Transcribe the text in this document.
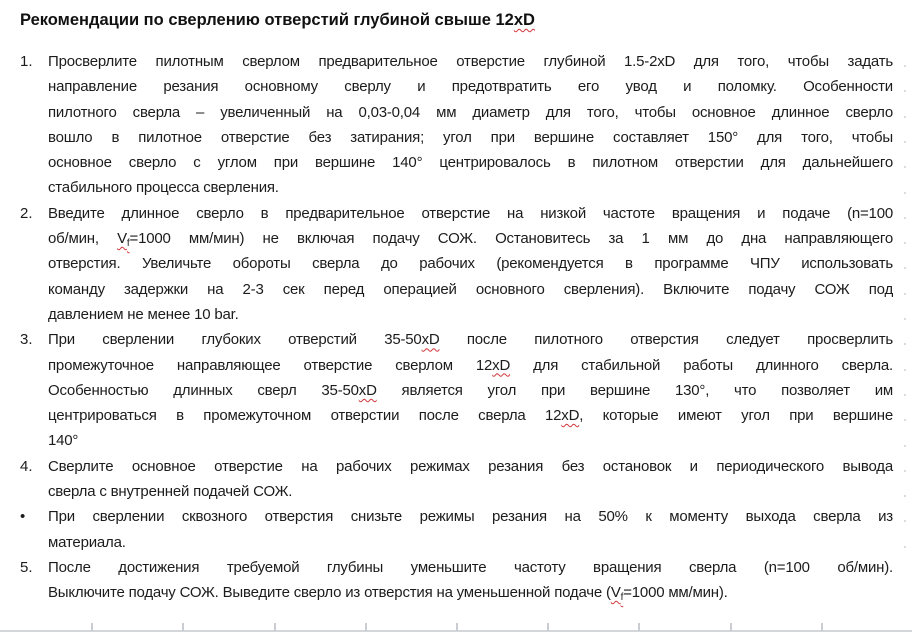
Рекомендации по сверлению отверстий глубиной свыше 12xD
1.	Просверлите пилотным сверлом предварительное отверстие глубиной 1.5-2xD для того, чтобы задать
направление резания основному сверлу и предотвратить его увод и поломку. Особенности
пилотного сверла – увеличенный на 0,03-0,04 мм диаметр для того, чтобы основное длинное сверло
вошло в пилотное отверстие без затирания; угол при вершине составляет 150° для того, чтобы
основное сверло с углом при вершине 140° центрировалось в пилотном отверстии для дальнейшего
стабильного процесса сверления.
2.	Введите длинное сверло в предварительное отверстие на низкой частоте вращения и подаче (n=100
об/мин, $V_f=1000$ мм/мин) не включая подачу СОЖ. Остановитесь за 1 мм до дна направляющего
отверстия. Увеличьте обороты сверла до рабочих (рекомендуется в программе ЧПУ использовать
команду задержки на 2-3 сек перед операцией основного сверления). Включите подачу СОЖ под
давлением не менее 10 bar.
3.	При сверлении глубоких отверстий 35-50xD после пилотного отверстия следует просверлить
промежуточное направляющее отверстие сверлом 12xD для стабильной работы длинного сверла.
Особенностью длинных сверл 35-50xD является угол при вершине 130°, что позволяет им
центрироваться в промежуточном отверстии после сверла 12xD, которые имеют угол при вершине
140°
4.	Сверлите основное отверстие на рабочих режимах резания без остановок и периодического вывода
сверла с внутренней подачей СОЖ.
•	При сверлении сквозного отверстия снизьте режимы резания на 50% к моменту выхода сверла из
материала.
5.	После достижения требуемой глубины уменьшите частоту вращения сверла (n=100 об/мин).
Выключите подачу СОЖ. Выведите сверло из отверстия на уменьшенной подаче ($V_f=1000$ мм/мин).
